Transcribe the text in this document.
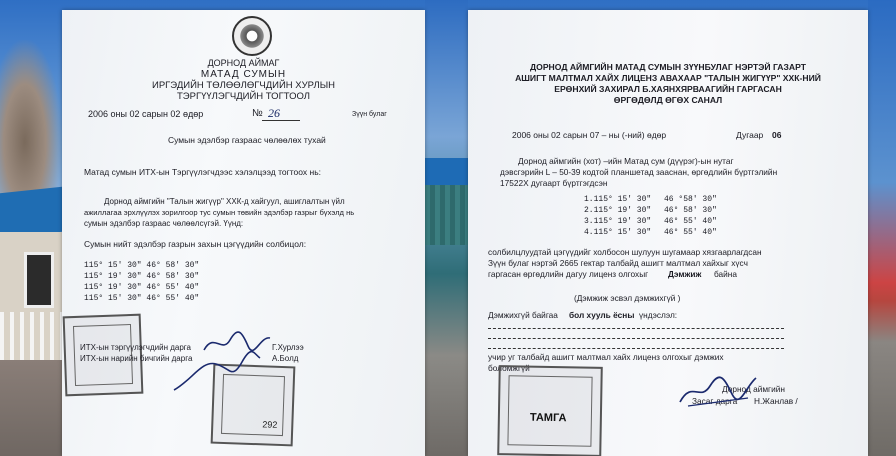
ДОРНОД АЙМАГ
МАТАД СУМЫН
ИРГЭДИЙН ТӨЛӨӨЛӨГЧДИЙН ХУРЛЫН
ТЭРГҮҮЛЭГЧДИЙН ТОГТООЛ
2006 оны 02 сарын 02 өдөр	№ 26	Зүүн булаг
Сумын эдэлбэр газраас чөлөөлөх тухай
Матад сумын ИТХ-ын Тэргүүлэгчдээс хэлэлцээд тогтоох нь:
Дорнод аймгийн "Талын жигүүр" ХХК-д хайгуул, ашиглалтын үйл
ажиллагаа эрхлүүлэх зорилгоор тус сумын төвийн эдэлбэр газрыг бүхэлд нь
сумын эдэлбэр газраас чөлөөлсүгэй. Үүнд:
Сумын нийт эдэлбэр газрын захын цэгүүдийн солбицол:
115° 15' 30" 46° 58' 30"
115° 19' 30" 46° 58' 30"
115° 19' 30" 46° 55' 40"
115° 15' 30" 46° 55' 40"
292
ИТХ-ын тэргүүлэгчдийн дарга
ИТХ-ын нарийн бичгийн дарга
Г.Хурлээ
А.Болд
ДОРНОД АЙМГИЙН МАТАД СУМЫН ЗҮҮНБУЛАГ НЭРТЭЙ ГАЗАРТ
АШИГТ МАЛТМАЛ ХАЙХ ЛИЦЕНЗ АВАХААР "ТАЛЫН ЖИГҮҮР" ХХК-НИЙ
ЕРӨНХИЙ ЗАХИРАЛ Б.ХАЯНХЯРВААГИЙН ГАРГАСАН
ӨРГӨДӨЛД ӨГӨХ САНАЛ
2006 оны 02 сарын 07 – ны (-ний) өдөр	Дугаар 06
Дорнод аймгийн (хот) –ийн Матад сум (дүүрэг)-ын нутаг
дэвсгэрийн L – 50-39 кодтой планшетад зааснан, өргөдлийн бүртгэлийн
17522Х дугаарт бүртгэгдсэн
1.115° 15' 30" 46 °58' 30"
2.115° 19' 30" 46° 58' 30"
3.115° 19' 30" 46° 55' 40"
4.115° 15' 30" 46° 55' 40"
солбилцлуудтай цэгүүдийг холбосон шулуун шугамаар хязгаарлагдсан
Зүүн булаг нэртэй 2665 гектар талбайд ашигт малтмал хайхыг хүсч
гаргасан өргөдлийн дагуу лиценз олгохыг Дэмжиж байна
(Дэмжиж эсвэл дэмжихгүй )
Дэмжихгүй байгаа бол хууль ёсны үндэслэл:
учир уг талбайд ашигт малтмал хайх лиценз олгохыг дэмжих
боломжгүй
ТАМГА
Дорнод аймгийн
Засаг дарга Н.Жанлав /
